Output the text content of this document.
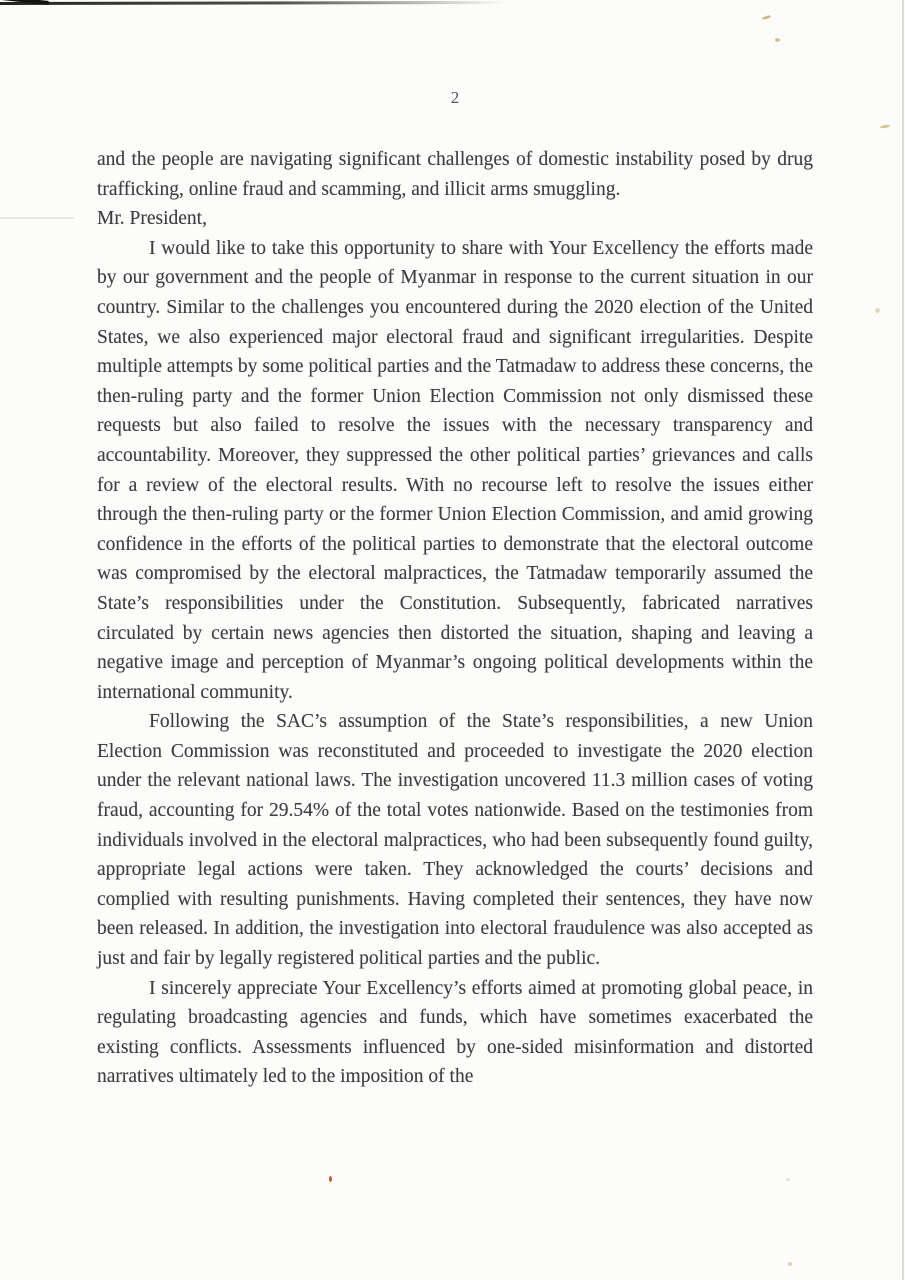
2

and the people are navigating significant challenges of domestic instability posed by drug trafficking, online fraud and scamming, and illicit arms smuggling.

Mr. President,

I would like to take this opportunity to share with Your Excellency the efforts made by our government and the people of Myanmar in response to the current situation in our country. Similar to the challenges you encountered during the 2020 election of the United States, we also experienced major electoral fraud and significant irregularities. Despite multiple attempts by some political parties and the Tatmadaw to address these concerns, the then-ruling party and the former Union Election Commission not only dismissed these requests but also failed to resolve the issues with the necessary transparency and accountability. Moreover, they suppressed the other political parties’ grievances and calls for a review of the electoral results. With no recourse left to resolve the issues either through the then-ruling party or the former Union Election Commission, and amid growing confidence in the efforts of the political parties to demonstrate that the electoral outcome was compromised by the electoral malpractices, the Tatmadaw temporarily assumed the State’s responsibilities under the Constitution. Subsequently, fabricated narratives circulated by certain news agencies then distorted the situation, shaping and leaving a negative image and perception of Myanmar’s ongoing political developments within the international community.

Following the SAC’s assumption of the State’s responsibilities, a new Union Election Commission was reconstituted and proceeded to investigate the 2020 election under the relevant national laws. The investigation uncovered 11.3 million cases of voting fraud, accounting for 29.54% of the total votes nationwide. Based on the testimonies from individuals involved in the electoral malpractices, who had been subsequently found guilty, appropriate legal actions were taken. They acknowledged the courts’ decisions and complied with resulting punishments. Having completed their sentences, they have now been released. In addition, the investigation into electoral fraudulence was also accepted as just and fair by legally registered political parties and the public.

I sincerely appreciate Your Excellency’s efforts aimed at promoting global peace, in regulating broadcasting agencies and funds, which have sometimes exacerbated the existing conflicts. Assessments influenced by one-sided misinformation and distorted narratives ultimately led to the imposition of the
